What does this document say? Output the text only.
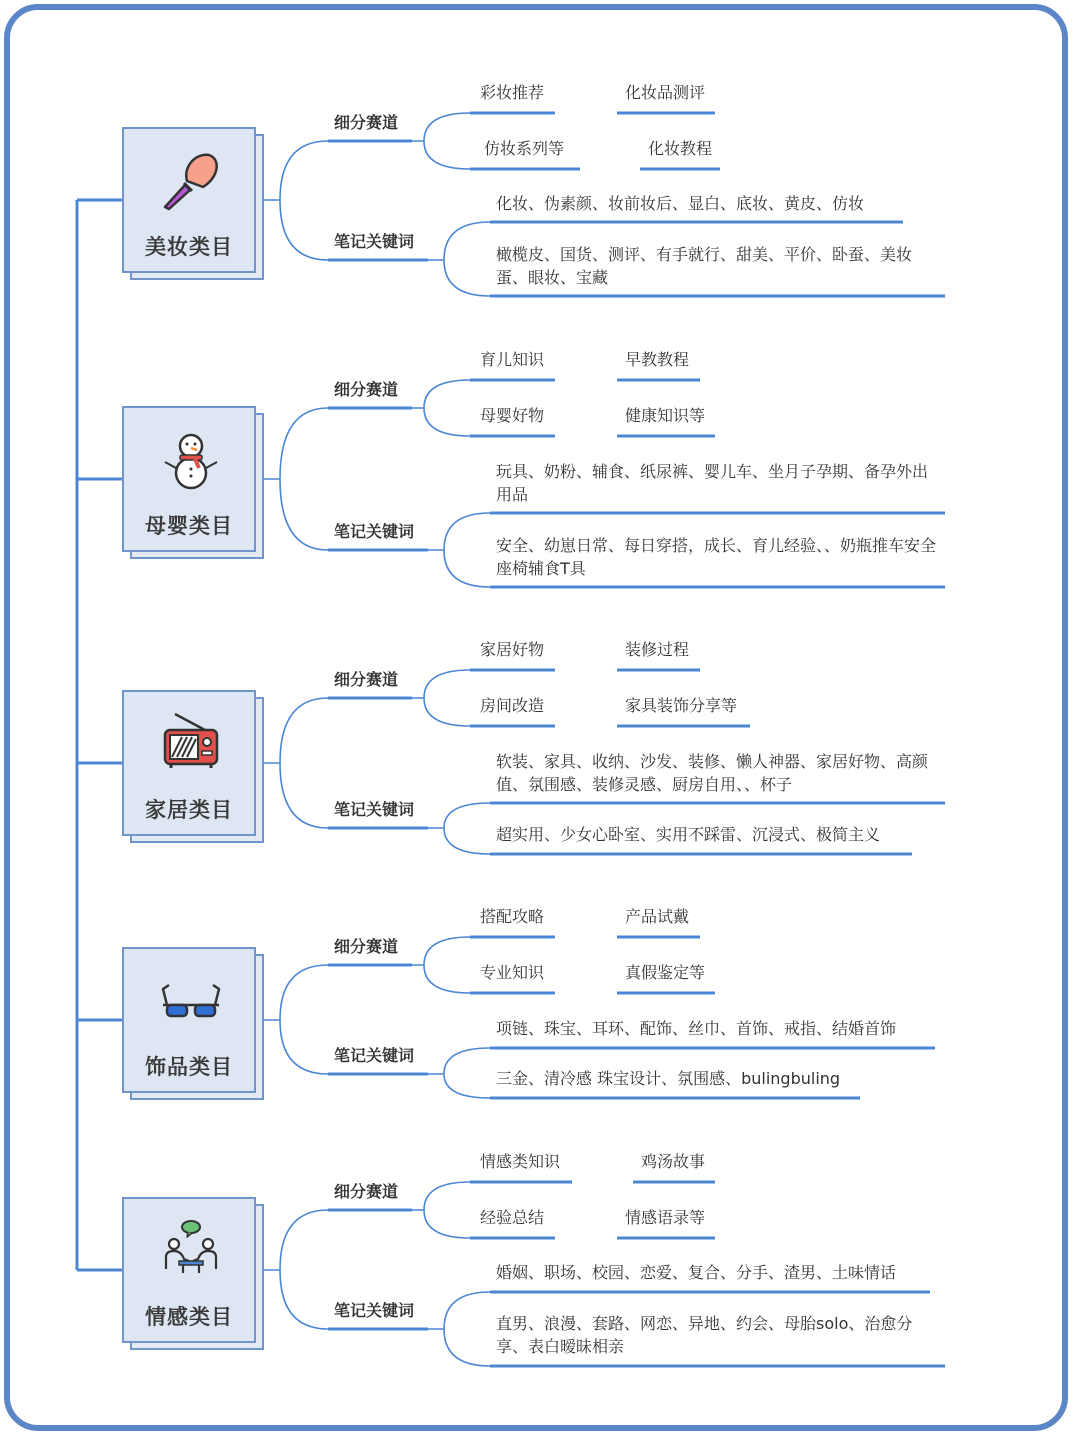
美妆类目
细分赛道
笔记关键词
彩妆推荐	化妆品测评
仿妆系列等	化妆教程
化妆、伪素颜、妆前妆后、显白、底妆、黄皮、仿妆
橄榄皮、国货、测评、有手就行、甜美、平价、卧蚕、美妆蛋、眼妆、宝藏
母婴类目
细分赛道
笔记关键词
育儿知识	早教教程
母婴好物	健康知识等
玩具、奶粉、辅食、纸尿裤、婴儿车、坐月子孕期、备孕外出用品
安全、幼崽日常、每日穿搭，成长、育儿经验、、奶瓶推车安全座椅辅食T具
家居类目
细分赛道
笔记关键词
家居好物	装修过程
房间改造	家具装饰分享等
软装、家具、收纳、沙发、装修、懒人神器、家居好物、高颜值、氛围感、装修灵感、厨房自用、、杯子
超实用、少女心卧室、实用不踩雷、沉浸式、极简主义
饰品类目
细分赛道
笔记关键词
搭配攻略	产品试戴
专业知识	真假鉴定等
项链、珠宝、耳环、配饰、丝巾、首饰、戒指、结婚首饰
三金、清冷感 珠宝设计、氛围感、bulingbuling
情感类目
细分赛道
笔记关键词
情感类知识	鸡汤故事
经验总结	情感语录等
婚姻、职场、校园、恋爱、复合、分手、渣男、土味情话
直男、浪漫、套路、网恋、异地、约会、母胎solo、治愈分享、表白暧昧相亲
